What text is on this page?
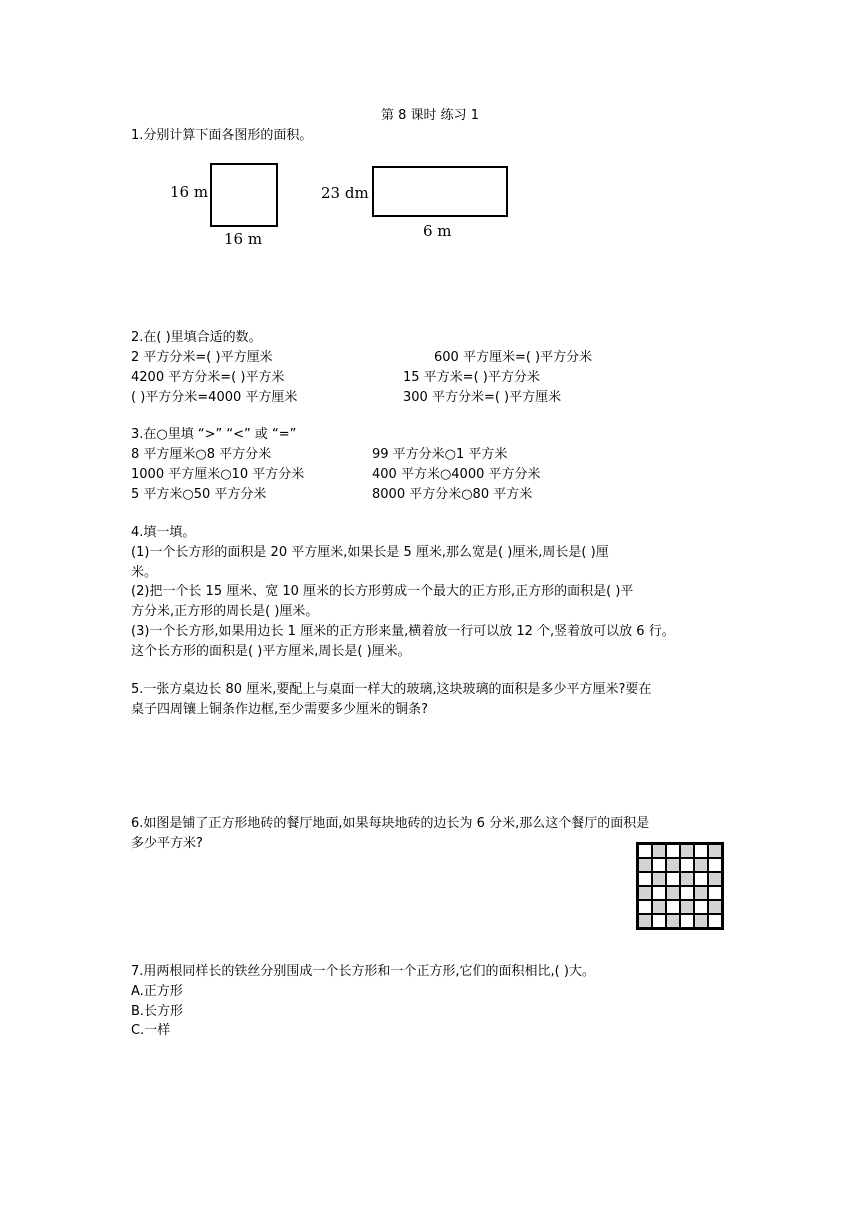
第 8 课时 练习 1
1.分别计算下面各图形的面积。
16 m
16 m
23 dm
6 m
2.在( )里填合适的数。
2 平方分米=( )平方厘米	600 平方厘米=( )平方分米
4200 平方分米=( )平方米	15 平方米=( )平方分米
( )平方分米=4000 平方厘米	300 平方分米=( )平方厘米
3.在○里填 “>” “<” 或 “=”
8 平方厘米○8 平方分米	99 平方分米○1 平方米
1000 平方厘米○10 平方分米	400 平方米○4000 平方分米
5 平方米○50 平方分米	8000 平方分米○80 平方米
4.填一填。
(1)一个长方形的面积是 20 平方厘米,如果长是 5 厘米,那么宽是( )厘米,周长是( )厘
米。
(2)把一个长 15 厘米、宽 10 厘米的长方形剪成一个最大的正方形,正方形的面积是( )平
方分米,正方形的周长是( )厘米。
(3)一个长方形,如果用边长 1 厘米的正方形来量,横着放一行可以放 12 个,竖着放可以放 6 行。
这个长方形的面积是( )平方厘米,周长是( )厘米。
5.一张方桌边长 80 厘米,要配上与桌面一样大的玻璃,这块玻璃的面积是多少平方厘米?要在
桌子四周镶上铜条作边框,至少需要多少厘米的铜条?
6.如图是铺了正方形地砖的餐厅地面,如果每块地砖的边长为 6 分米,那么这个餐厅的面积是
多少平方米?
7.用两根同样长的铁丝分别围成一个长方形和一个正方形,它们的面积相比,( )大。
A.正方形
B.长方形
C.一样
